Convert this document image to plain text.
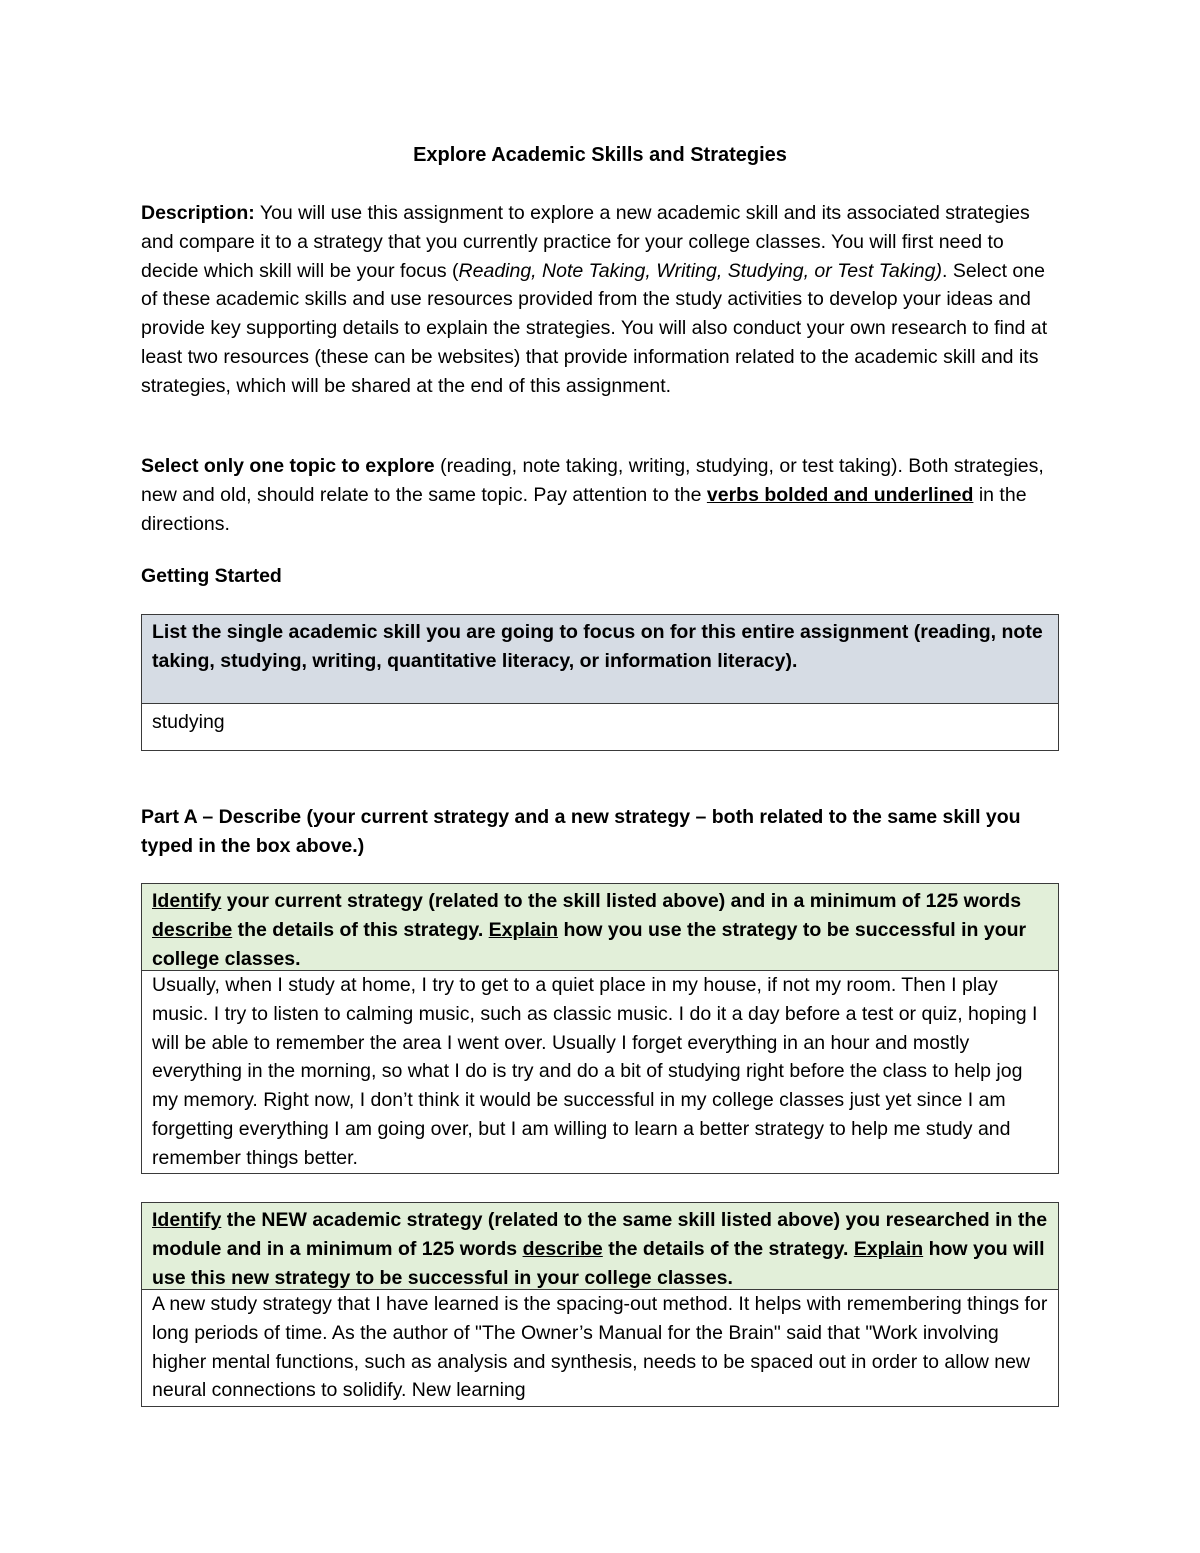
Explore Academic Skills and Strategies

Description: You will use this assignment to explore a new academic skill and its associated strategies and compare it to a strategy that you currently practice for your college classes. You will first need to decide which skill will be your focus (Reading, Note Taking, Writing, Studying, or Test Taking). Select one of these academic skills and use resources provided from the study activities to develop your ideas and provide key supporting details to explain the strategies. You will also conduct your own research to find at least two resources (these can be websites) that provide information related to the academic skill and its strategies, which will be shared at the end of this assignment.

Select only one topic to explore (reading, note taking, writing, studying, or test taking). Both strategies, new and old, should relate to the same topic. Pay attention to the verbs bolded and underlined in the directions.

Getting Started

List the single academic skill you are going to focus on for this entire assignment (reading, note taking, studying, writing, quantitative literacy, or information literacy).
studying

Part A – Describe (your current strategy and a new strategy – both related to the same skill you typed in the box above.)

Identify your current strategy (related to the skill listed above) and in a minimum of 125 words describe the details of this strategy. Explain how you use the strategy to be successful in your college classes.
Usually, when I study at home, I try to get to a quiet place in my house, if not my room. Then I play music. I try to listen to calming music, such as classic music. I do it a day before a test or quiz, hoping I will be able to remember the area I went over. Usually I forget everything in an hour and mostly everything in the morning, so what I do is try and do a bit of studying right before the class to help jog my memory. Right now, I don’t think it would be successful in my college classes just yet since I am forgetting everything I am going over, but I am willing to learn a better strategy to help me study and remember things better.
Identify the NEW academic strategy (related to the same skill listed above) you researched in the module and in a minimum of 125 words describe the details of the strategy. Explain how you will use this new strategy to be successful in your college classes.
A new study strategy that I have learned is the spacing-out method. It helps with remembering things for long periods of time. As the author of "The Owner’s Manual for the Brain" said that "Work involving higher mental functions, such as analysis and synthesis, needs to be spaced out in order to allow new neural connections to solidify. New learning
